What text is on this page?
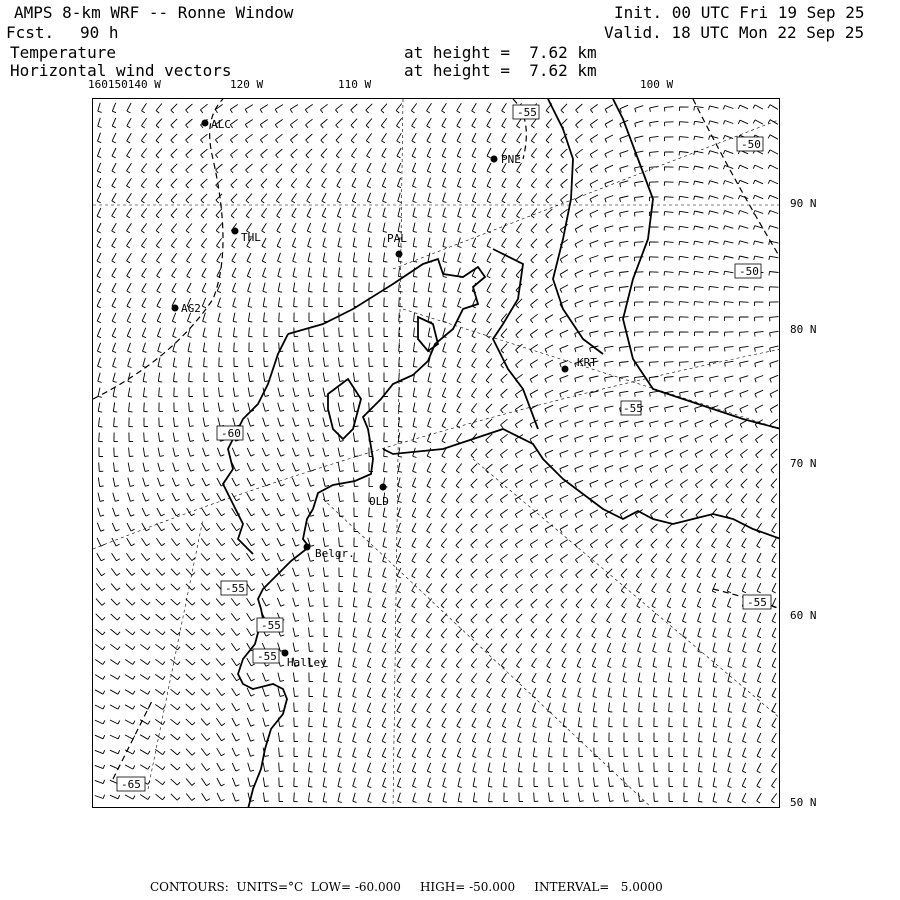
AMPS 8-km WRF -- Ronne Window
Fcst. 90 h
Temperature
Horizontal wind vectors
at height =  7.62 km
at height =  7.62 km
Init. 00 UTC Fri 19 Sep 25
Valid. 18 UTC Mon 22 Sep 25
160150140 W	120 W	110 W	100 W
90 N
80 N
70 N
60 N
50 N
ALC
PNE
THL	PAL
AG2
KRT
OLD
Belgr.
Halley
-55
-50
-50
-60
-55
-55
-55
-55
-55
-65
CONTOURS:  UNITS=°C  LOW= -60.000     HIGH= -50.000     INTERVAL=   5.0000
